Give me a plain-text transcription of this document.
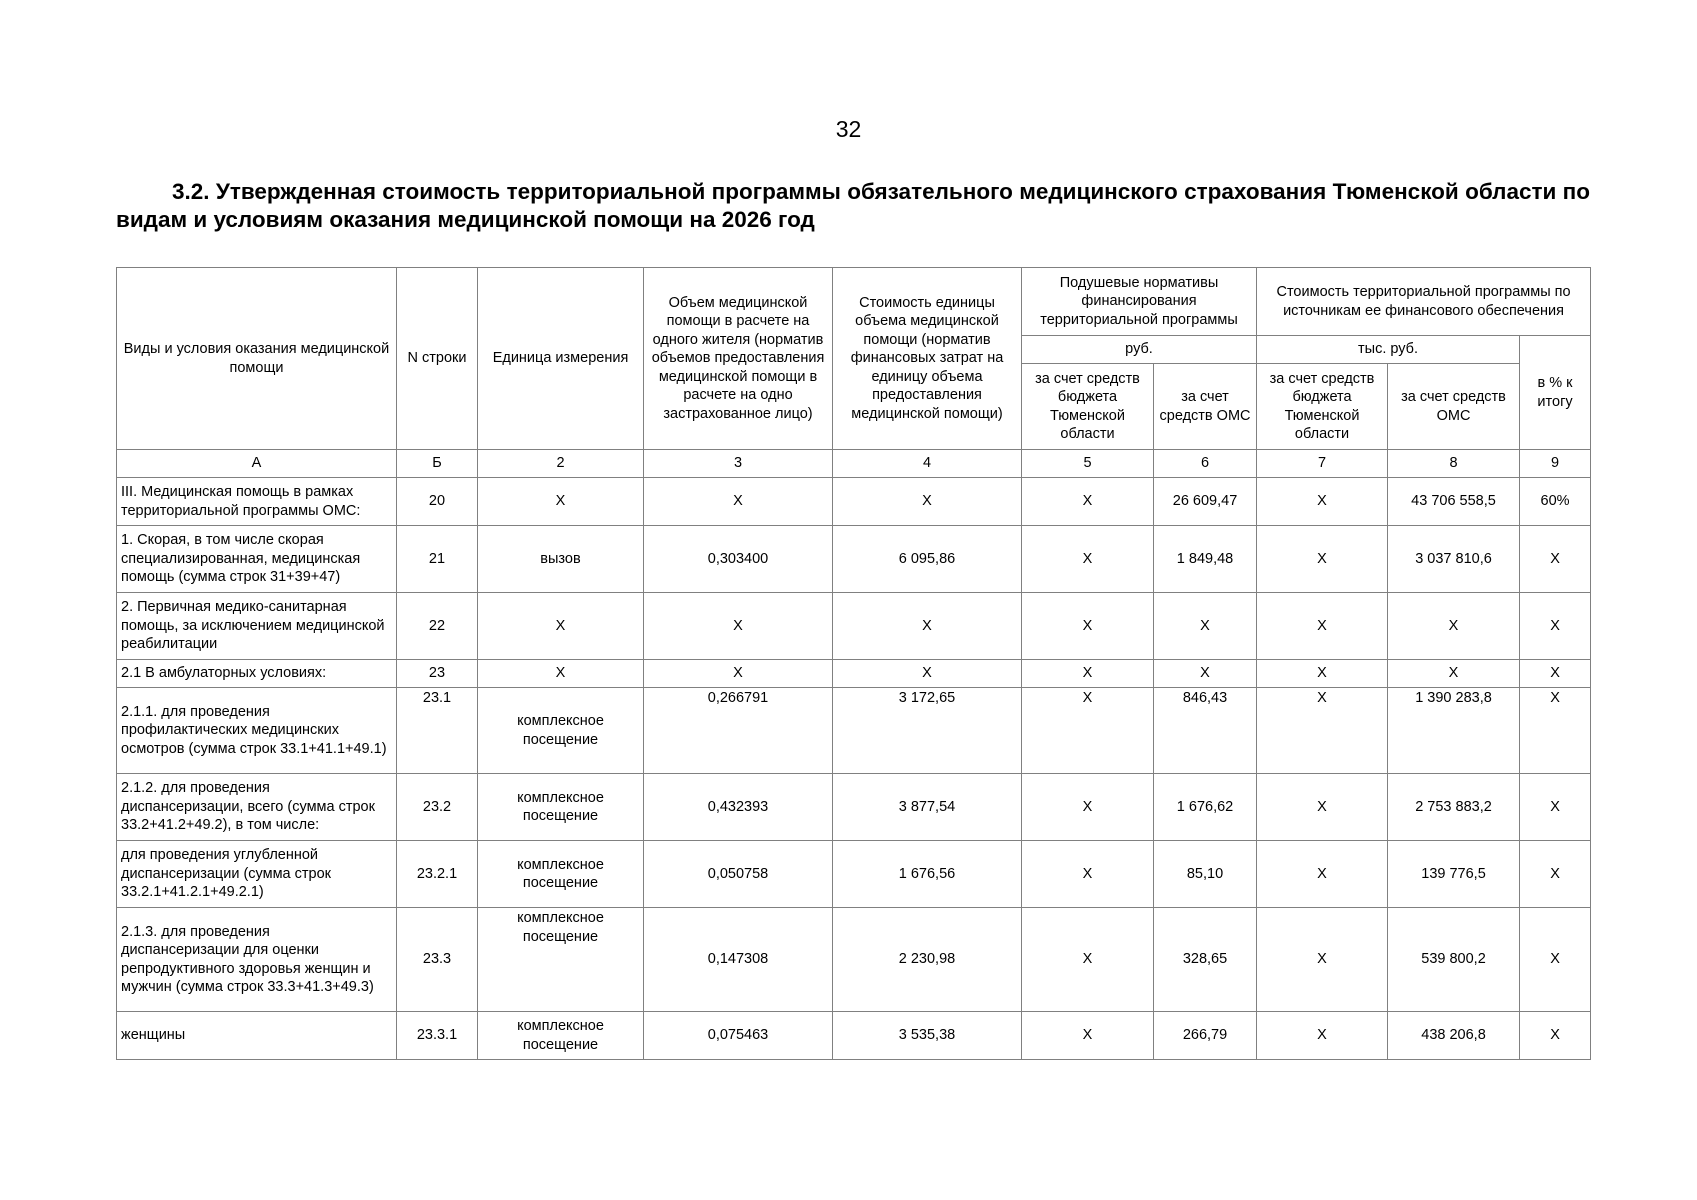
32
3.2. Утвержденная стоимость территориальной программы обязательного медицинского страхования Тюменской области по видам и условиям оказания медицинской помощи на 2026 год
Виды и условия оказания медицинской помощи	N строки	Единица измерения	Объем медицинской помощи в расчете на одного жителя (норматив объемов предоставления медицинской помощи в расчете на одно застрахованное лицо)	Стоимость единицы объема медицинской помощи (норматив финансовых затрат на единицу объема предоставления медицинской помощи)	Подушевые нормативы финансирования территориальной программы		Стоимость территориальной программы по источникам ее финансового обеспечения		
					руб.		тыс. руб.		в % к итогу
					за счет средств бюджета Тюменской области	за счет средств ОМС	за счет средств бюджета Тюменской области	за счет средств ОМС	
А	Б	2	3	4	5	6	7	8	9
III. Медицинская помощь в рамках территориальной программы ОМС:	20	X	X	X	X	26 609,47	X	43 706 558,5	60%
1. Скорая, в том числе скорая специализированная, медицинская помощь (сумма строк 31+39+47)	21	вызов	0,303400	6 095,86	X	1 849,48	X	3 037 810,6	X
2. Первичная медико-санитарная помощь, за исключением медицинской реабилитации	22	X	X	X	X	X	X	X	X
2.1 В амбулаторных условиях:	23	X	X	X	X	X	X	X	X
2.1.1. для проведения профилактических медицинских осмотров (сумма строк 33.1+41.1+49.1)	23.1	комплексное посещение	0,266791	3 172,65	X	846,43	X	1 390 283,8	X
2.1.2. для проведения диспансеризации, всего (сумма строк 33.2+41.2+49.2), в том числе:	23.2	комплексное посещение	0,432393	3 877,54	X	1 676,62	X	2 753 883,2	X
для проведения углубленной диспансеризации (сумма строк 33.2.1+41.2.1+49.2.1)	23.2.1	комплексное посещение	0,050758	1 676,56	X	85,10	X	139 776,5	X
2.1.3. для проведения диспансеризации для оценки репродуктивного здоровья женщин и мужчин (сумма строк 33.3+41.3+49.3)	23.3	комплексное посещение	0,147308	2 230,98	X	328,65	X	539 800,2	X
женщины	23.3.1	комплексное посещение	0,075463	3 535,38	X	266,79	X	438 206,8	X
